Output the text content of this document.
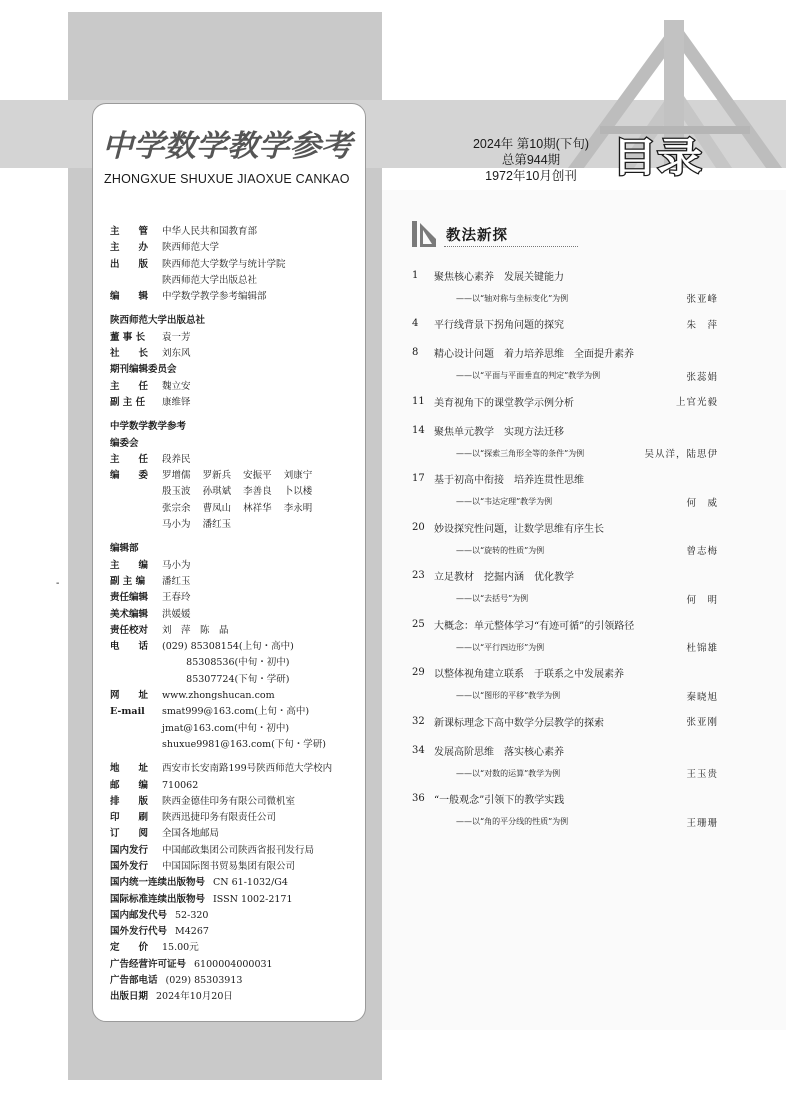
中学数学教学参考
ZHONGXUE SHUXUE JIAOXUE CANKAO
2024年 第10期(下旬)
总第944期
1972年10月创刊 目录
主　　管	中华人民共和国教育部
主　　办	陕西师范大学
出　　版	陕西师范大学数学与统计学院
陕西师范大学出版总社
编　　辑	中学数学教学参考编辑部
陕西师范大学出版总社
董 事 长	袁一芳
社　　长	刘东风
期刊编辑委员会
主　　任	魏立安
副 主 任	康维铎
中学数学教学参考
编委会
主　　任	段养民
编　　委	罗增儒    罗新兵    安振平    刘康宁
殷玉波    孙琪斌    李善良    卜以楼
张宗余    曹凤山    林祥华    李永明
马小为    潘红玉
编辑部
主　　编	马小为
副 主 编	潘红玉
责任编辑	王春玲
美术编辑	洪媛媛
责任校对	刘　萍　陈　晶
电　　话	(029) 85308154(上旬・高中)
85308536(中旬・初中)
85307724(下旬・学研)
网　　址	www.zhongshucan.com
E-mail	smat999@163.com(上旬・高中)
jmat@163.com(中旬・初中)
shuxue9981@163.com(下旬・学研)
地　　址	西安市长安南路199号陕西师范大学校内
邮　　编	710062
排　　版	陕西金德佳印务有限公司微机室
印　　刷	陕西迅捷印务有限责任公司
订　　阅	全国各地邮局
国内发行	中国邮政集团公司陕西省报刊发行局
国外发行	中国国际图书贸易集团有限公司
国内统一连续出版物号 CN 61-1032/G4
国际标准连续出版物号 ISSN 1002-2171
国内邮发代号 52-320
国外发行代号 M4267
定　　价	15.00元
广告经营许可证号 6100004000031
广告部电话 (029) 85303913
出版日期 2024年10月20日
-
教法新探
1	聚焦核心素养　发展关键能力
——以“轴对称与坐标变化”为例	张亚峰
4	平行线背景下拐角问题的探究	朱　萍
8	精心设计问题　着力培养思维　全面提升素养
——以“平面与平面垂直的判定”教学为例	张蕊娟
11 美育视角下的课堂教学示例分析	上官光毅
14 聚焦单元教学　实现方法迁移
——以“探索三角形全等的条件”为例	吴从洋，陆思伊
17 基于初高中衔接　培养连贯性思维
——以“韦达定理”教学为例	何　威
20 妙设探究性问题，让数学思维有序生长
——以“旋转的性质”为例	曾志梅
23 立足教材　挖掘内涵　优化教学
——以“去括号”为例	何　明
25 大概念：单元整体学习“有迹可循”的引领路径
——以“平行四边形”为例	杜锦雄
29 以整体视角建立联系　于联系之中发展素养
——以“图形的平移”教学为例	秦晓旭
32 新课标理念下高中数学分层教学的探索	张亚刚
34 发展高阶思维　落实核心素养
——以“对数的运算”教学为例	王玉贵
36 “一般观念”引领下的教学实践
——以“角的平分线的性质”为例	王珊珊
